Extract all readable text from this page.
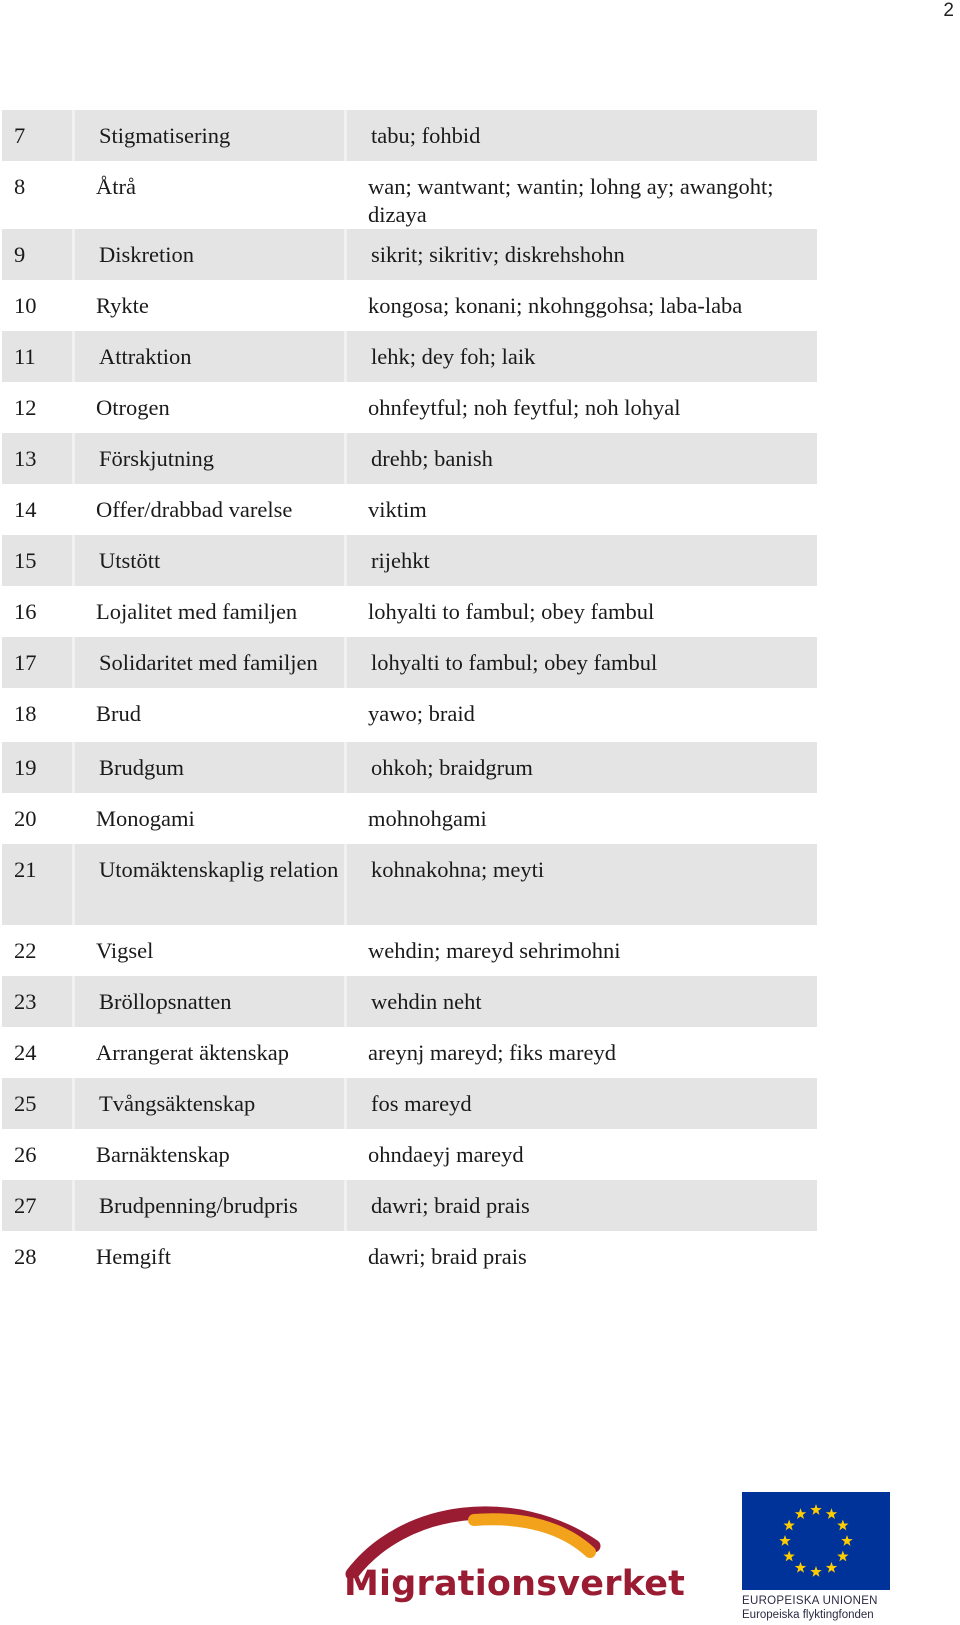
2
7	Stigmatisering	tabu; fohbid
8	Åtrå	wan; wantwant; wantin; lohng ay; awangoht; dizaya
9	Diskretion	sikrit; sikritiv; diskrehshohn
10	Rykte	kongosa; konani; nkohnggohsa; laba-laba
11	Attraktion	lehk; dey foh; laik
12	Otrogen	ohnfeytful; noh feytful; noh lohyal
13	Förskjutning	drehb; banish
14	Offer/drabbad varelse	viktim
15	Utstött	rijehkt
16	Lojalitet med familjen	lohyalti to fambul; obey fambul
17	Solidaritet med familjen	lohyalti to fambul; obey fambul
18	Brud	yawo; braid
19	Brudgum	ohkoh; braidgrum
20	Monogami	mohnohgami
21	Utomäktenskaplig relation	kohnakohna; meyti
22	Vigsel	wehdin; mareyd sehrimohni
23	Bröllopsnatten	wehdin neht
24	Arrangerat äktenskap	areynj mareyd; fiks mareyd
25	Tvångsäktenskap	fos mareyd
26	Barnäktenskap	ohndaeyj mareyd
27	Brudpenning/brudpris	dawri; braid prais
28	Hemgift	dawri; braid prais
Migrationsverket	EUROPEISKA UNIONEN
Europeiska flyktingfonden
